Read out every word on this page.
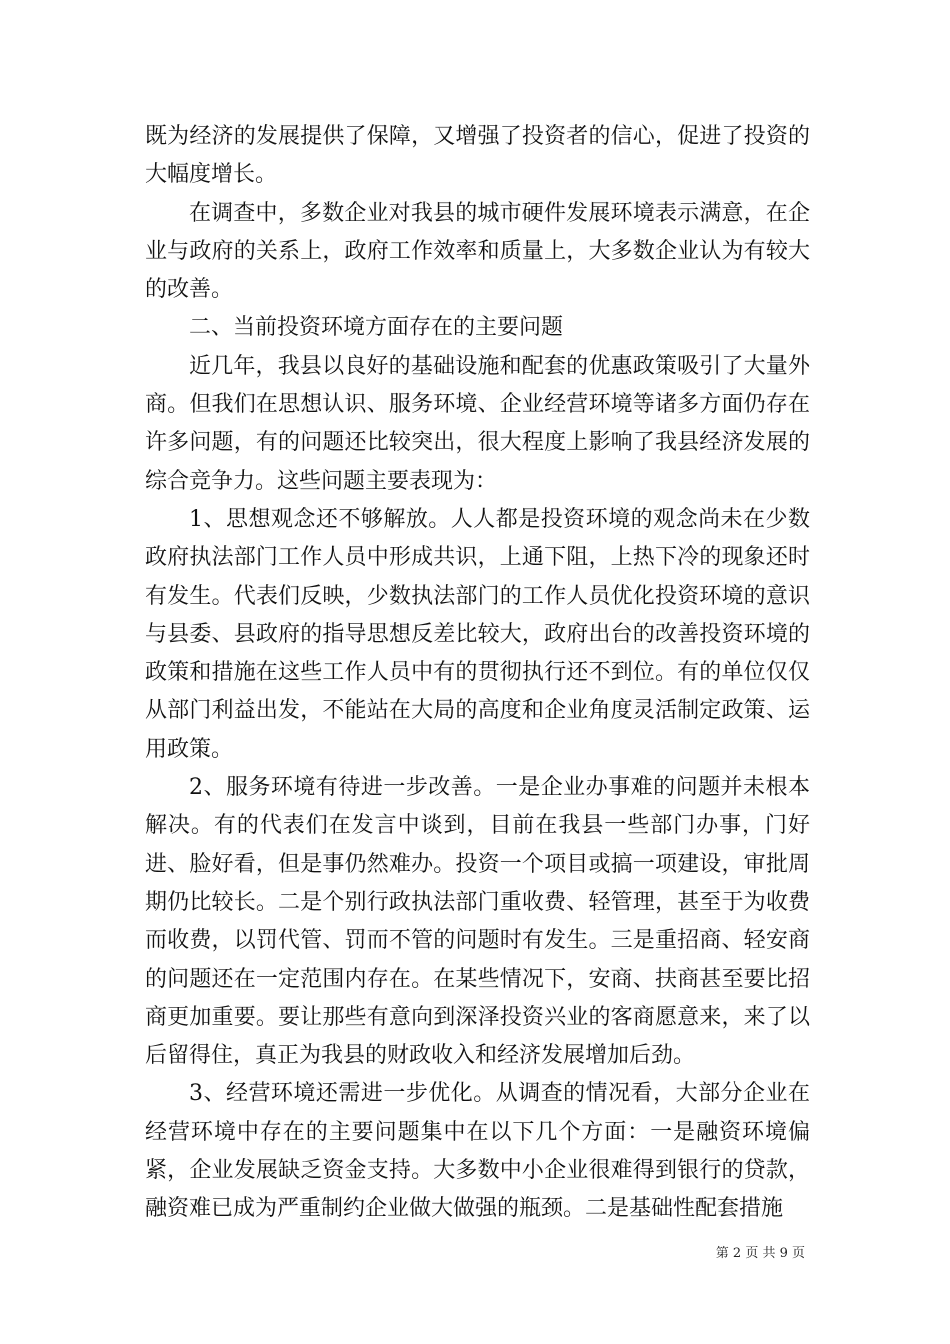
既为经济的发展提供了保障，又增强了投资者的信心，促进了投资的大幅度增长。

在调查中，多数企业对我县的城市硬件发展环境表示满意，在企业与政府的关系上，政府工作效率和质量上，大多数企业认为有较大的改善。

二、当前投资环境方面存在的主要问题

近几年，我县以良好的基础设施和配套的优惠政策吸引了大量外商。但我们在思想认识、服务环境、企业经营环境等诸多方面仍存在许多问题，有的问题还比较突出，很大程度上影响了我县经济发展的综合竞争力。这些问题主要表现为：

1、思想观念还不够解放。人人都是投资环境的观念尚未在少数政府执法部门工作人员中形成共识，上通下阻，上热下冷的现象还时有发生。代表们反映，少数执法部门的工作人员优化投资环境的意识与县委、县政府的指导思想反差比较大，政府出台的改善投资环境的政策和措施在这些工作人员中有的贯彻执行还不到位。有的单位仅仅从部门利益出发，不能站在大局的高度和企业角度灵活制定政策、运用政策。

2、服务环境有待进一步改善。一是企业办事难的问题并未根本解决。有的代表们在发言中谈到，目前在我县一些部门办事，门好进、脸好看，但是事仍然难办。投资一个项目或搞一项建设，审批周期仍比较长。二是个别行政执法部门重收费、轻管理，甚至于为收费而收费，以罚代管、罚而不管的问题时有发生。三是重招商、轻安商的问题还在一定范围内存在。在某些情况下，安商、扶商甚至要比招商更加重要。要让那些有意向到深泽投资兴业的客商愿意来，来了以后留得住，真正为我县的财政收入和经济发展增加后劲。

3、经营环境还需进一步优化。从调查的情况看，大部分企业在经营环境中存在的主要问题集中在以下几个方面：一是融资环境偏紧，企业发展缺乏资金支持。大多数中小企业很难得到银行的贷款，融资难已成为严重制约企业做大做强的瓶颈。二是基础性配套措施

第 2 页 共 9 页
